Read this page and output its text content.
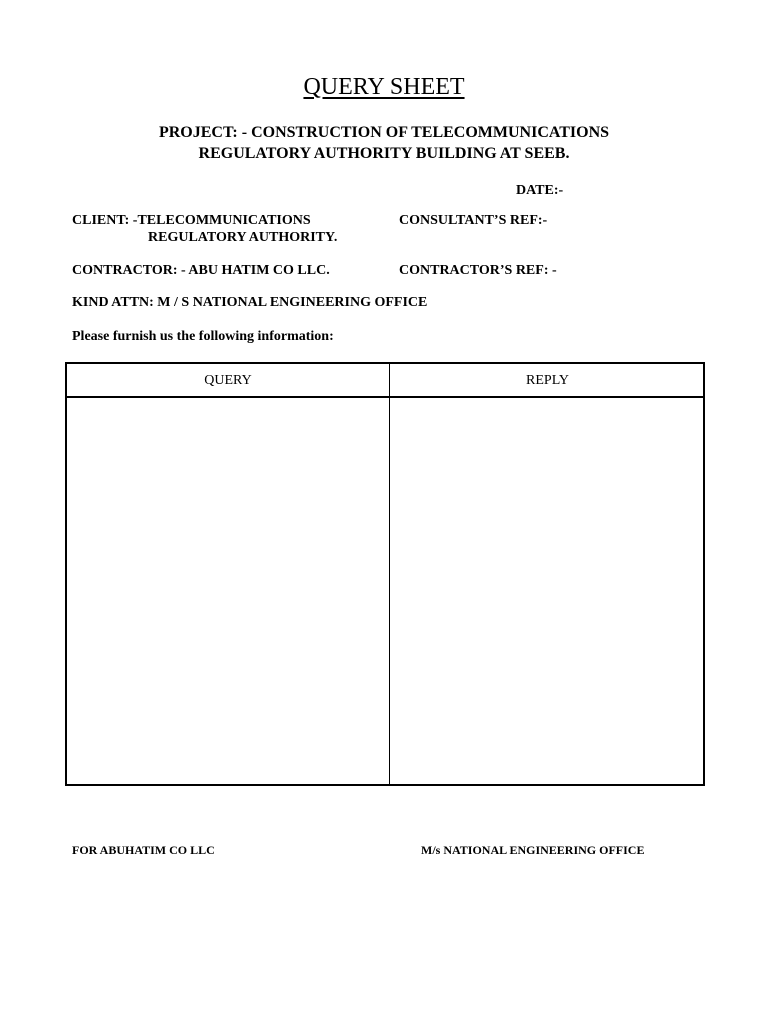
QUERY SHEET
PROJECT: - CONSTRUCTION OF TELECOMMUNICATIONS
REGULATORY AUTHORITY BUILDING AT SEEB.
DATE:-
CLIENT: -TELECOMMUNICATIONS
REGULATORY AUTHORITY.
CONSULTANT’S REF:-
CONTRACTOR: - ABU HATIM CO LLC.	CONTRACTOR’S REF: -
KIND ATTN: M / S NATIONAL ENGINEERING OFFICE
Please furnish us the following information:
QUERY	REPLY
FOR ABUHATIM CO LLC	M/s NATIONAL ENGINEERING OFFICE
